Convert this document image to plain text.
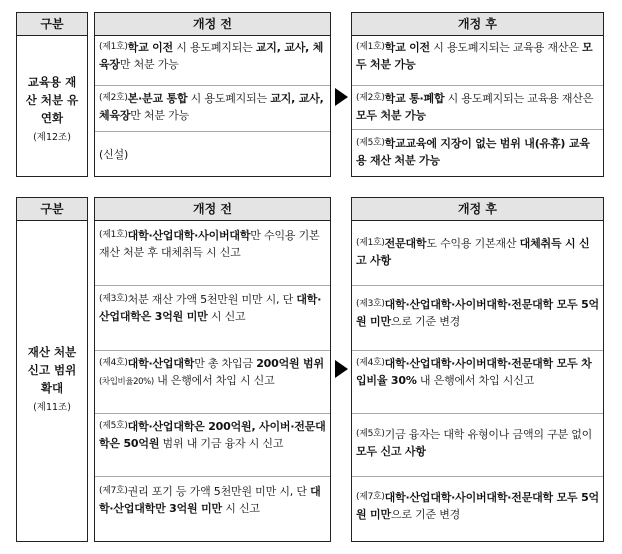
구분
교육용 재
산 처분 유
연화
(제12조)
개정 전
$^{(제1호)}$학교 이전 시 용도폐지되는 교지, 교사, 체육장만 처분 가능
$^{(제2호)}$본·분교 통합 시 용도폐지되는 교지, 교사, 체육장만 처분 가능
(신설)
개정 후
$^{(제1호)}$학교 이전 시 용도폐지되는 교육용 재산은 모두 처분 가능
$^{(제2호)}$학교 통·폐합 시 용도폐지되는 교육용 재산은 모두 처분 가능
$^{(제5호)}$학교교육에 지장이 없는 범위 내(유휴) 교육용 재산 처분 가능
구분
재산 처분
신고 범위
확대
(제11조)
개정 전
$^{(제1호)}$대학·산업대학·사이버대학만 수익용 기본재산 처분 후 대체취득 시 신고
$^{(제3호)}$처분 재산 가액 5천만원 미만 시, 단 대학·산업대학은 3억원 미만 시 신고
$^{(제4호)}$대학·산업대학만 총 차입금 200억원 범위(차입비율20%) 내 은행에서 차입 시 신고
$^{(제5호)}$대학·산업대학은 200억원, 사이버·전문대학은 50억원 범위 내 기금 융자 시 신고
$^{(제7호)}$권리 포기 등 가액 5천만원 미만 시, 단 대학·산업대학만 3억원 미만 시 신고
개정 후
$^{(제1호)}$전문대학도 수익용 기본재산 대체취득 시 신고 사항
$^{(제3호)}$대학·산업대학·사이버대학·전문대학 모두 5억원 미만으로 기준 변경
$^{(제4호)}$대학·산업대학·사이버대학·전문대학 모두 차입비율 30% 내 은행에서 차입 시신고
$^{(제5호)}$기금 융자는 대학 유형이나 금액의 구분 없이 모두 신고 사항
$^{(제7호)}$대학·산업대학·사이버대학·전문대학 모두 5억원 미만으로 기준 변경
